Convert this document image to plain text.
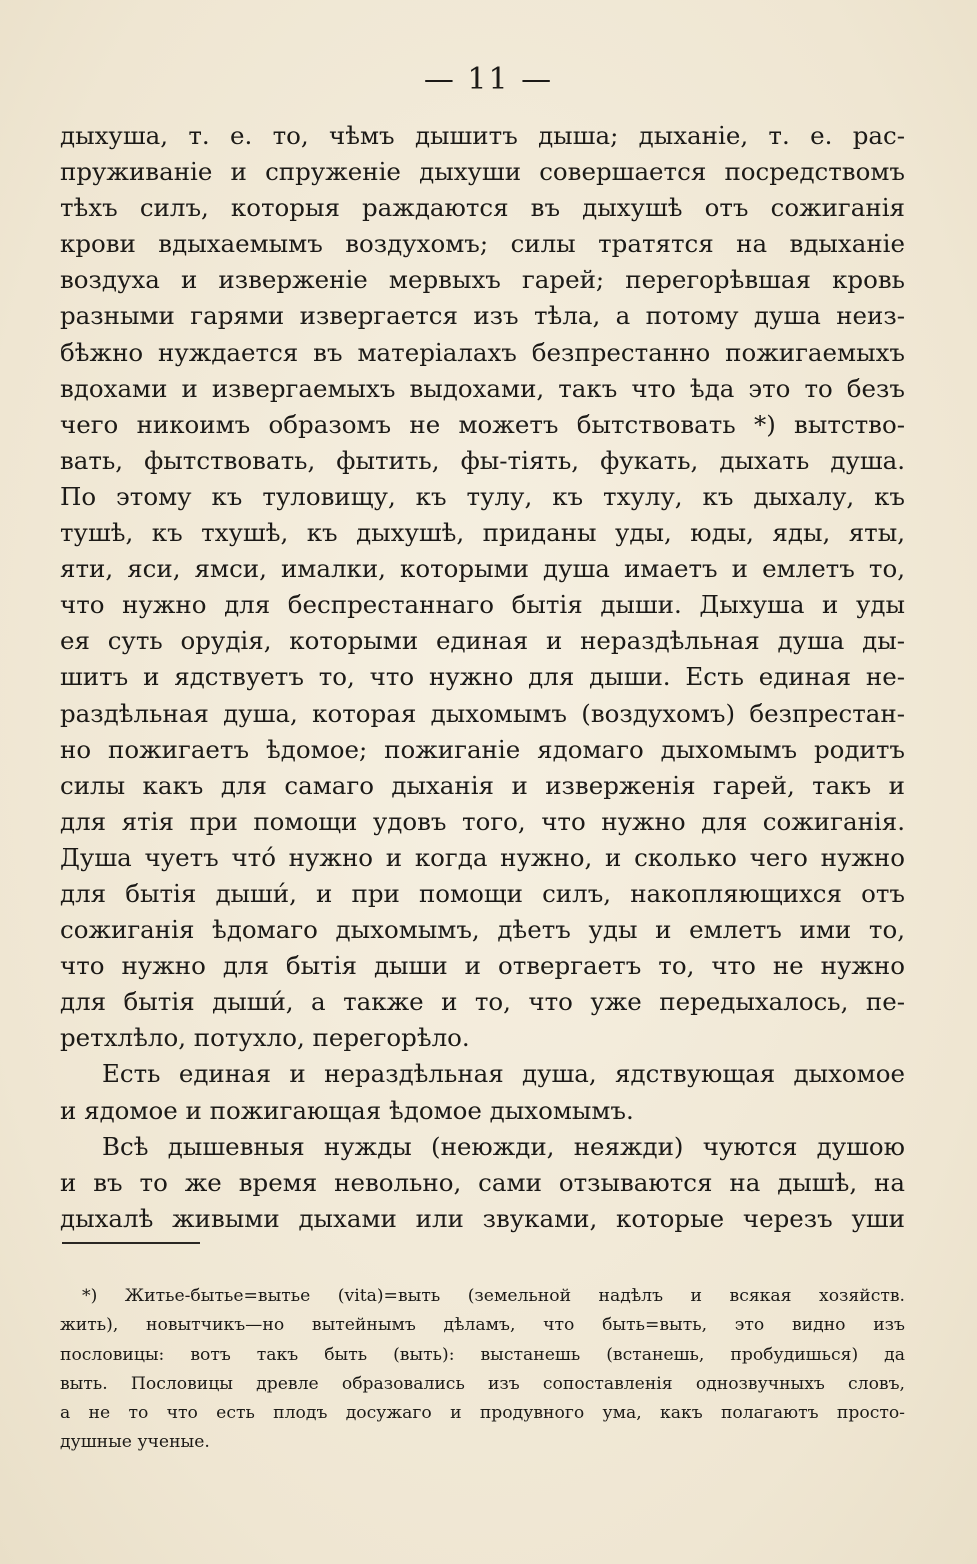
— 11 —
дыхуша, т. е. то, чѣмъ дышитъ дыша; дыханіе, т. е. рас-
пруживаніе и спруженіе дыхуши совершается посредствомъ
тѣхъ силъ, которыя раждаются въ дыхушѣ отъ сожиганія
крови вдыхаемымъ воздухомъ; силы тратятся на вдыханіе
воздуха и изверженіе мервыхъ гарей; перегорѣвшая кровь
разными гарями извергается изъ тѣла, а потому душа неиз-
бѣжно нуждается въ матеріалахъ безпрестанно пожигаемыхъ
вдохами и извергаемыхъ выдохами, такъ что ѣда это то безъ
чего никоимъ образомъ не можетъ бытствовать *) вытство-
вать, фытствовать, фытить, фы-тіять, фукать, дыхать душа.
По этому къ туловищу, къ тулу, къ тхулу, къ дыхалу, къ
тушѣ, къ тхушѣ, къ дыхушѣ, приданы уды, юды, яды, яты,
яти, яси, ямси, ималки, которыми душа имаетъ и емлетъ то,
что нужно для беспрестаннаго бытія дыши. Дыхуша и уды
ея суть орудія, которыми единая и нераздѣльная душа ды-
шитъ и ядствуетъ то, что нужно для дыши. Есть единая не-
раздѣльная душа, которая дыхомымъ (воздухомъ) безпрестан-
но пожигаетъ ѣдомое; пожиганіе ядомаго дыхомымъ родитъ
силы какъ для самаго дыханія и изверженія гарей, такъ и
для ятія при помощи удовъ того, что нужно для сожиганія.
Душа чуетъ что́ нужно и когда нужно, и сколько чего нужно
для бытія дыши́, и при помощи силъ, накопляющихся отъ
сожиганія ѣдомаго дыхомымъ, дѣетъ уды и емлетъ ими то,
что нужно для бытія дыши и отвергаетъ то, что не нужно
для бытія дыши́, а также и то, что уже передыхалось, пе-
ретхлѣло, потухло, перегорѣло.
Есть единая и нераздѣльная душа, ядствующая дыхомое
и ядомое и пожигающая ѣдомое дыхомымъ.
Всѣ дышевныя нужды (неюжди, неяжди) чуются душою
и въ то же время невольно, сами отзываются на дышѣ, на
дыхалѣ живыми дыхами или звуками, которые черезъ уши
*) Житье-бытье=вытье (vita)=выть (земельной надѣлъ и всякая хозяйств.
жить), новытчикъ—но вытейнымъ дѣламъ, что быть=выть, это видно изъ
пословицы: вотъ такъ быть (выть): выстанешь (встанешь, пробудишься) да
выть. Пословицы древле образовались изъ сопоставленія однозвучныхъ словъ,
а не то что есть плодъ досужаго и продувного ума, какъ полагаютъ просто-
душные ученые.
